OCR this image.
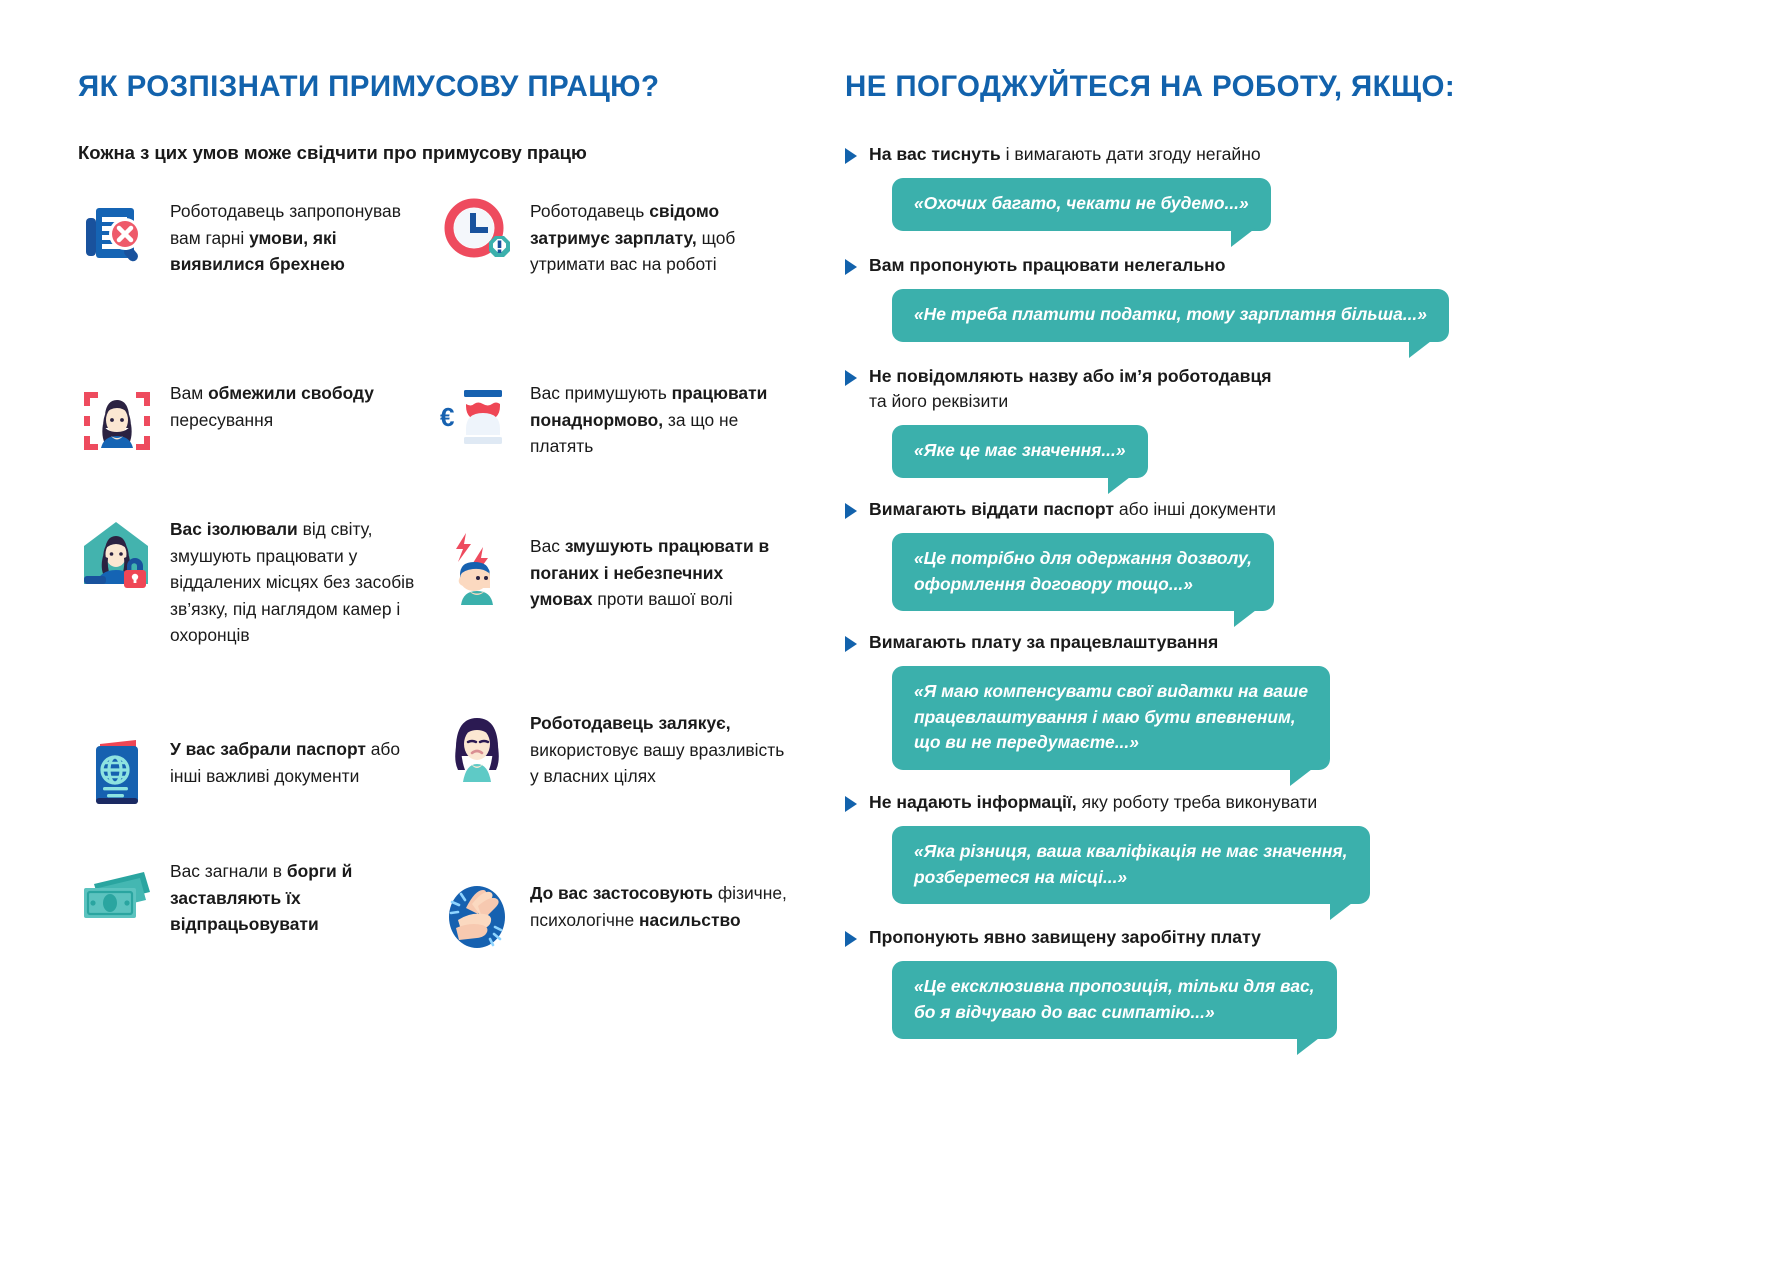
ЯК РОЗПІЗНАТИ ПРИМУСОВУ ПРАЦЮ?
Кожна з цих умов може свідчити про примусову працю
Роботодавець запропонував вам гарні умови, які виявилися брехнею
Вам обмежили свободу пересування
Вас ізолювали від світу, змушують працювати у віддалених місцях без засобів зв’язку, під наглядом камер і охоронців
У вас забрали паспорт або інші важливі документи
Вас загнали в борги й заставляють їх відпрацьовувати
Роботодавець свідомо затримує зарплату, щоб утримати вас на роботі
€
Вас примушують працювати понаднормово, за що не платять
Вас змушують працювати в поганих і небезпечних умовах проти вашої волі
Роботодавець залякує, використовує вашу вразливість у власних цілях
До вас застосовують фізичне, психологічне насильство
НЕ ПОГОДЖУЙТЕСЯ НА РОБОТУ, ЯКЩО:
На вас тиснуть і вимагають дати згоду негайно
«Охочих багато, чекати не будемо...»
Вам пропонують працювати нелегально
«Не треба платити податки, тому зарплатня більша...»
Не повідомляють назву або ім’я роботодавця
та його реквізити
«Яке це має значення...»
Вимагають віддати паспорт або інші документи
«Це потрібно для одержання дозволу,
оформлення договору тощо...»
Вимагають плату за працевлаштування
«Я маю компенсувати свої видатки на ваше
працевлаштування і маю бути впевненим,
що ви не передумаєте...»
Не надають інформації, яку роботу треба виконувати
«Яка різниця, ваша кваліфікація не має значення,
розберетеся на місці...»
Пропонують явно завищену заробітну плату
«Це ексклюзивна пропозиція, тільки для вас,
бо я відчуваю до вас симпатію...»
